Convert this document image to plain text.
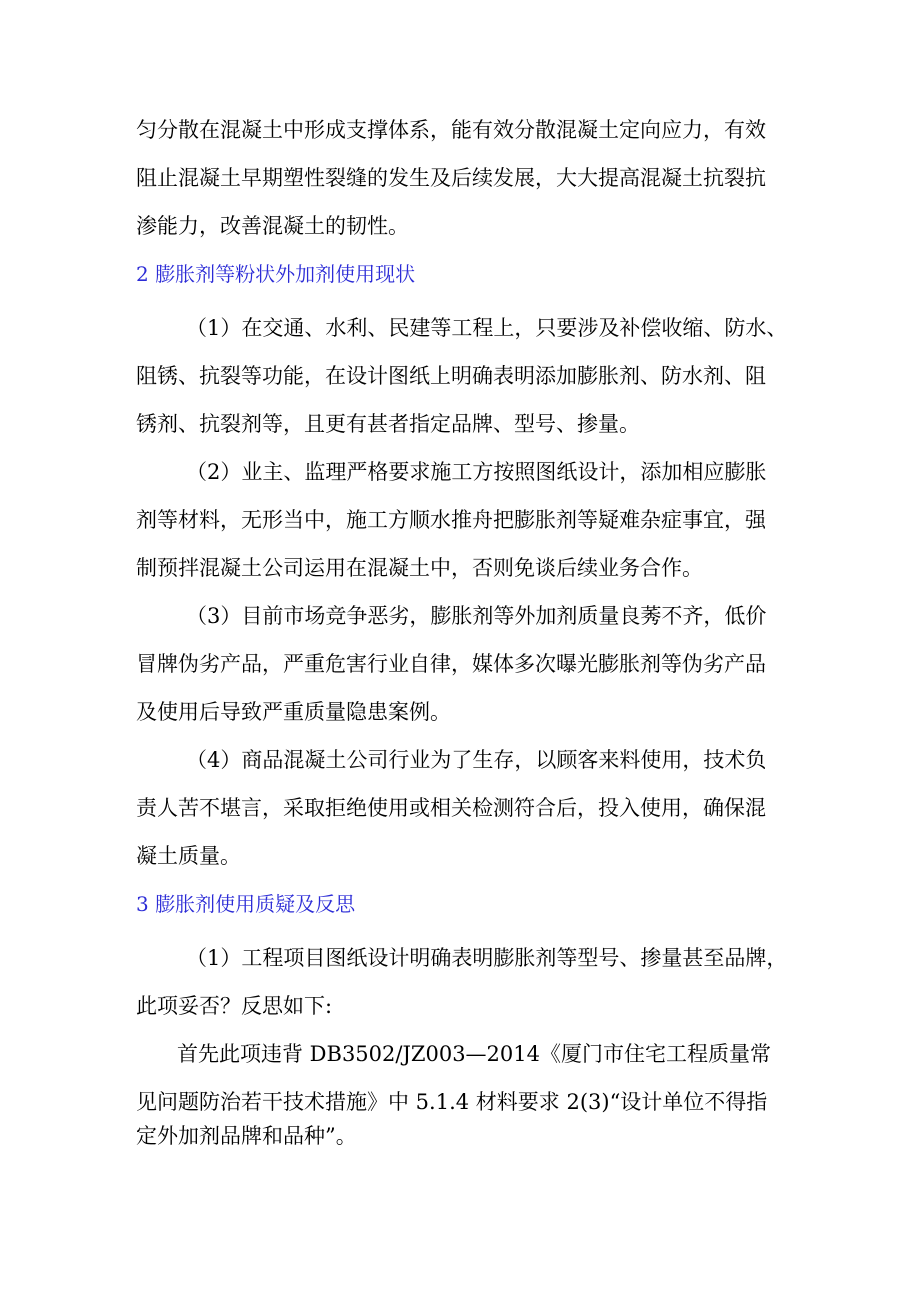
匀分散在混凝土中形成支撑体系，能有效分散混凝土定向应力，有效
阻止混凝土早期塑性裂缝的发生及后续发展，大大提高混凝土抗裂抗
渗能力，改善混凝土的韧性。
2 膨胀剂等粉状外加剂使用现状
（1）在交通、水利、民建等工程上，只要涉及补偿收缩、防水、
阻锈、抗裂等功能，在设计图纸上明确表明添加膨胀剂、防水剂、阻
锈剂、抗裂剂等，且更有甚者指定品牌、型号、掺量。
（2）业主、监理严格要求施工方按照图纸设计，添加相应膨胀
剂等材料，无形当中，施工方顺水推舟把膨胀剂等疑难杂症事宜，强
制预拌混凝土公司运用在混凝土中，否则免谈后续业务合作。
（3）目前市场竞争恶劣，膨胀剂等外加剂质量良莠不齐，低价
冒牌伪劣产品，严重危害行业自律，媒体多次曝光膨胀剂等伪劣产品
及使用后导致严重质量隐患案例。
（4）商品混凝土公司行业为了生存，以顾客来料使用，技术负
责人苦不堪言，采取拒绝使用或相关检测符合后，投入使用，确保混
凝土质量。
3 膨胀剂使用质疑及反思
（1）工程项目图纸设计明确表明膨胀剂等型号、掺量甚至品牌，
此项妥否？反思如下:
首先此项违背 DB3502/JZ003—2014《厦门市住宅工程质量常
见问题防治若干技术措施》中 5.1.4 材料要求 2(3)“设计单位不得指
定外加剂品牌和品种”。
